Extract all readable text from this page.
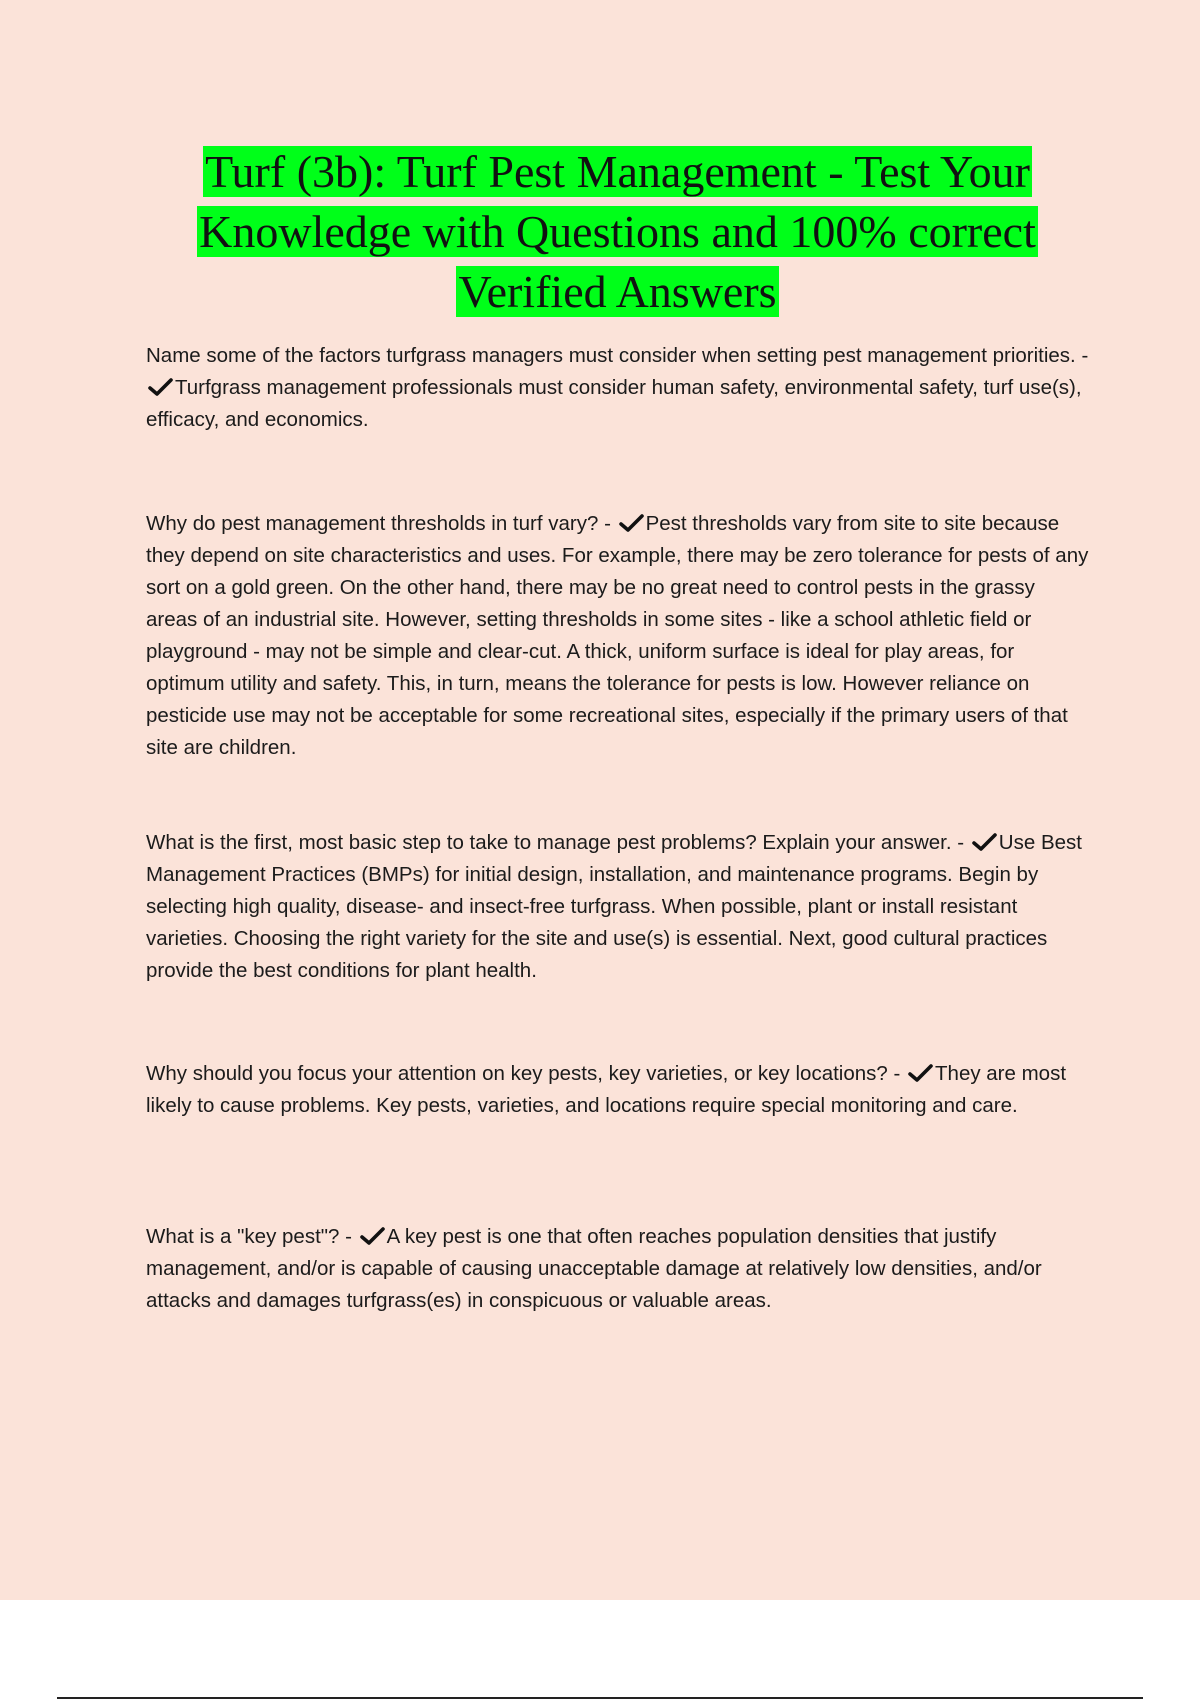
Turf (3b): Turf Pest Management - Test Your Knowledge with Questions and 100% correct Verified Answers

Name some of the factors turfgrass managers must consider when setting pest management priorities. -
Turfgrass management professionals must consider human safety, environmental safety, turf use(s), efficacy, and economics.

Why do pest management thresholds in turf vary? -
Pest thresholds vary from site to site because they depend on site characteristics and uses. For example, there may be zero tolerance for pests of any sort on a gold green. On the other hand, there may be no great need to control pests in the grassy areas of an industrial site. However, setting thresholds in some sites - like a school athletic field or playground - may not be simple and clear-cut. A thick, uniform surface is ideal for play areas, for optimum utility and safety. This, in turn, means the tolerance for pests is low. However reliance on pesticide use may not be acceptable for some recreational sites, especially if the primary users of that site are children.

What is the first, most basic step to take to manage pest problems? Explain your answer. -
Use Best Management Practices (BMPs) for initial design, installation, and maintenance programs. Begin by selecting high quality, disease- and insect-free turfgrass. When possible, plant or install resistant varieties. Choosing the right variety for the site and use(s) is essential. Next, good cultural practices provide the best conditions for plant health.

Why should you focus your attention on key pests, key varieties, or key locations? -
They are most likely to cause problems. Key pests, varieties, and locations require special monitoring and care.

What is a "key pest"? -
A key pest is one that often reaches population densities that justify management, and/or is capable of causing unacceptable damage at relatively low densities, and/or attacks and damages turfgrass(es) in conspicuous or valuable areas.
